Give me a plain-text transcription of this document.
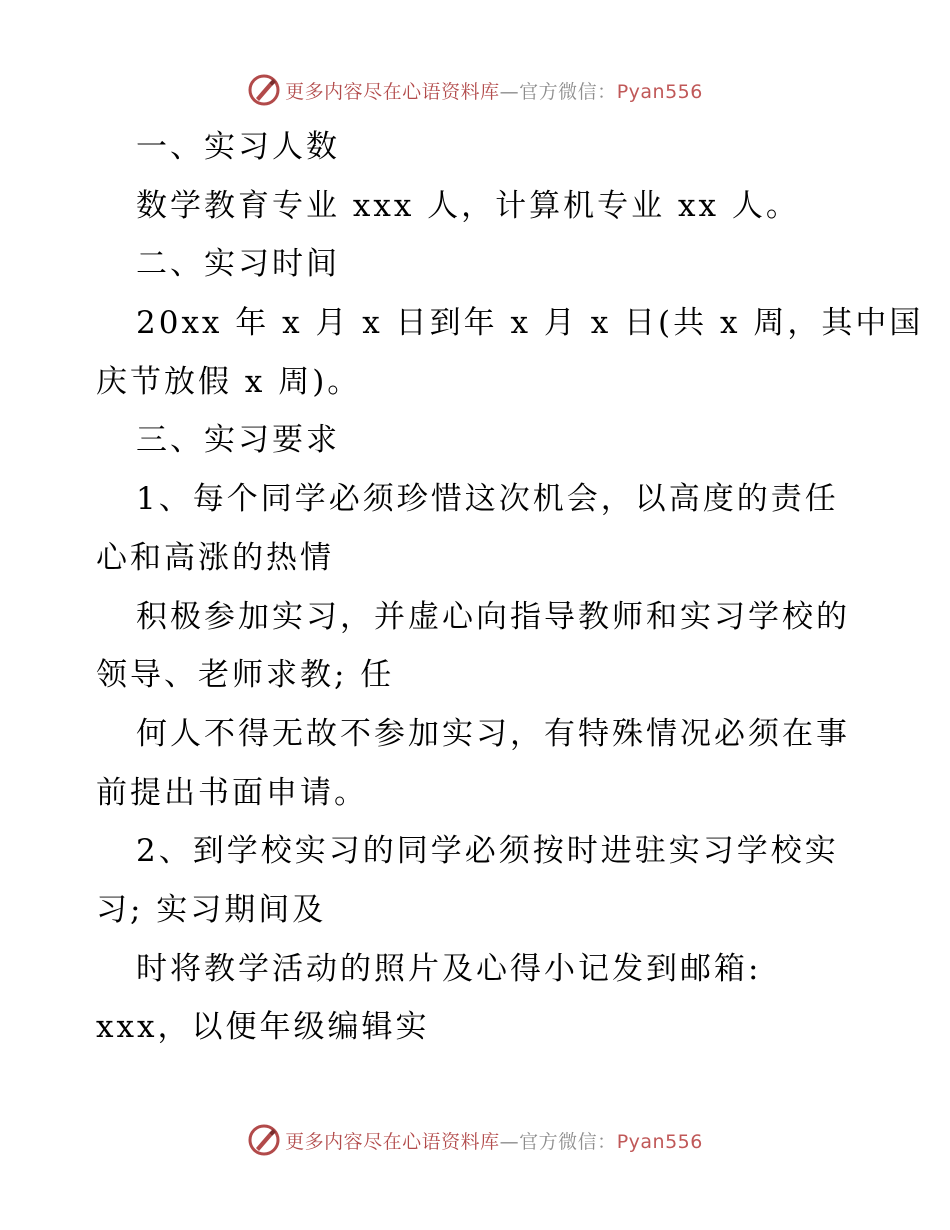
更多内容尽在心语资料库—官方微信：Pyan556
一、实习人数
数学教育专业 xxx 人，计算机专业 xx 人。
二、实习时间
20xx 年 x 月 x 日到年 x 月 x 日(共 x 周，其中国
庆节放假 x 周)。
三、实习要求
1、每个同学必须珍惜这次机会，以高度的责任
心和高涨的热情
积极参加实习，并虚心向指导教师和实习学校的
领导、老师求教; 任
何人不得无故不参加实习，有特殊情况必须在事
前提出书面申请。
2、到学校实习的同学必须按时进驻实习学校实
习; 实习期间及
时将教学活动的照片及心得小记发到邮箱:
xxx，以便年级编辑实
更多内容尽在心语资料库—官方微信：Pyan556
